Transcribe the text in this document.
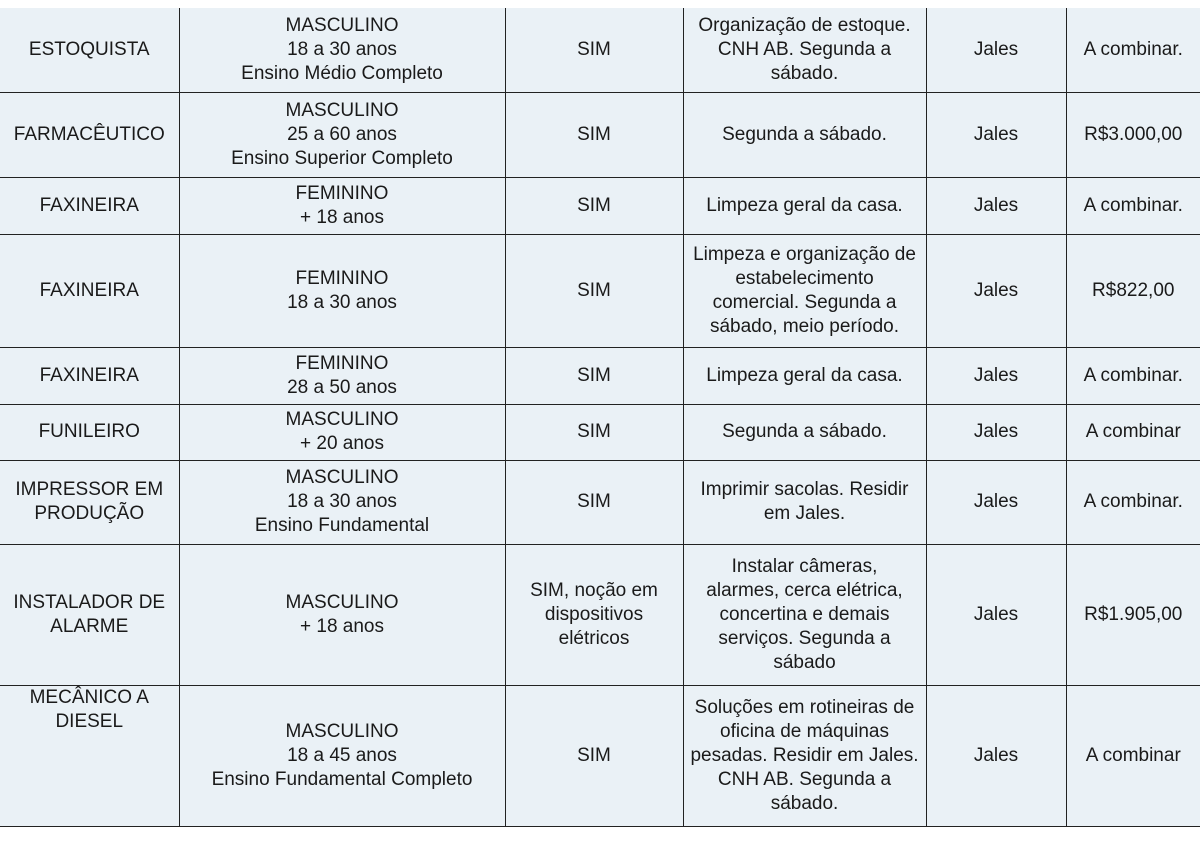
ESTOQUISTA	MASCULINO
18 a 30 anos
Ensino Médio Completo	SIM	Organização de estoque.
CNH AB. Segunda a
sábado.	Jales	A combinar.
FARMACÊUTICO	MASCULINO
25 a 60 anos
Ensino Superior Completo	SIM	Segunda a sábado.	Jales	R$3.000,00
FAXINEIRA	FEMININO
+ 18 anos	SIM	Limpeza geral da casa.	Jales	A combinar.
FAXINEIRA	FEMININO
18 a 30 anos	SIM	Limpeza e organização de
estabelecimento
comercial. Segunda a
sábado, meio período.	Jales	R$822,00
FAXINEIRA	FEMININO
28 a 50 anos	SIM	Limpeza geral da casa.	Jales	A combinar.
FUNILEIRO	MASCULINO
+ 20 anos	SIM	Segunda a sábado.	Jales	A combinar
IMPRESSOR EM
PRODUÇÃO	MASCULINO
18 a 30 anos
Ensino Fundamental	SIM	Imprimir sacolas. Residir
em Jales.	Jales	A combinar.
INSTALADOR DE
ALARME	MASCULINO
+ 18 anos	SIM, noção em
dispositivos
elétricos	Instalar câmeras,
alarmes, cerca elétrica,
concertina e demais
serviços. Segunda a
sábado	Jales	R$1.905,00
MECÂNICO A
DIESEL	MASCULINO
18 a 45 anos
Ensino Fundamental Completo	SIM	Soluções em rotineiras de
oficina de máquinas
pesadas. Residir em Jales.
CNH AB. Segunda a
sábado.	Jales	A combinar
